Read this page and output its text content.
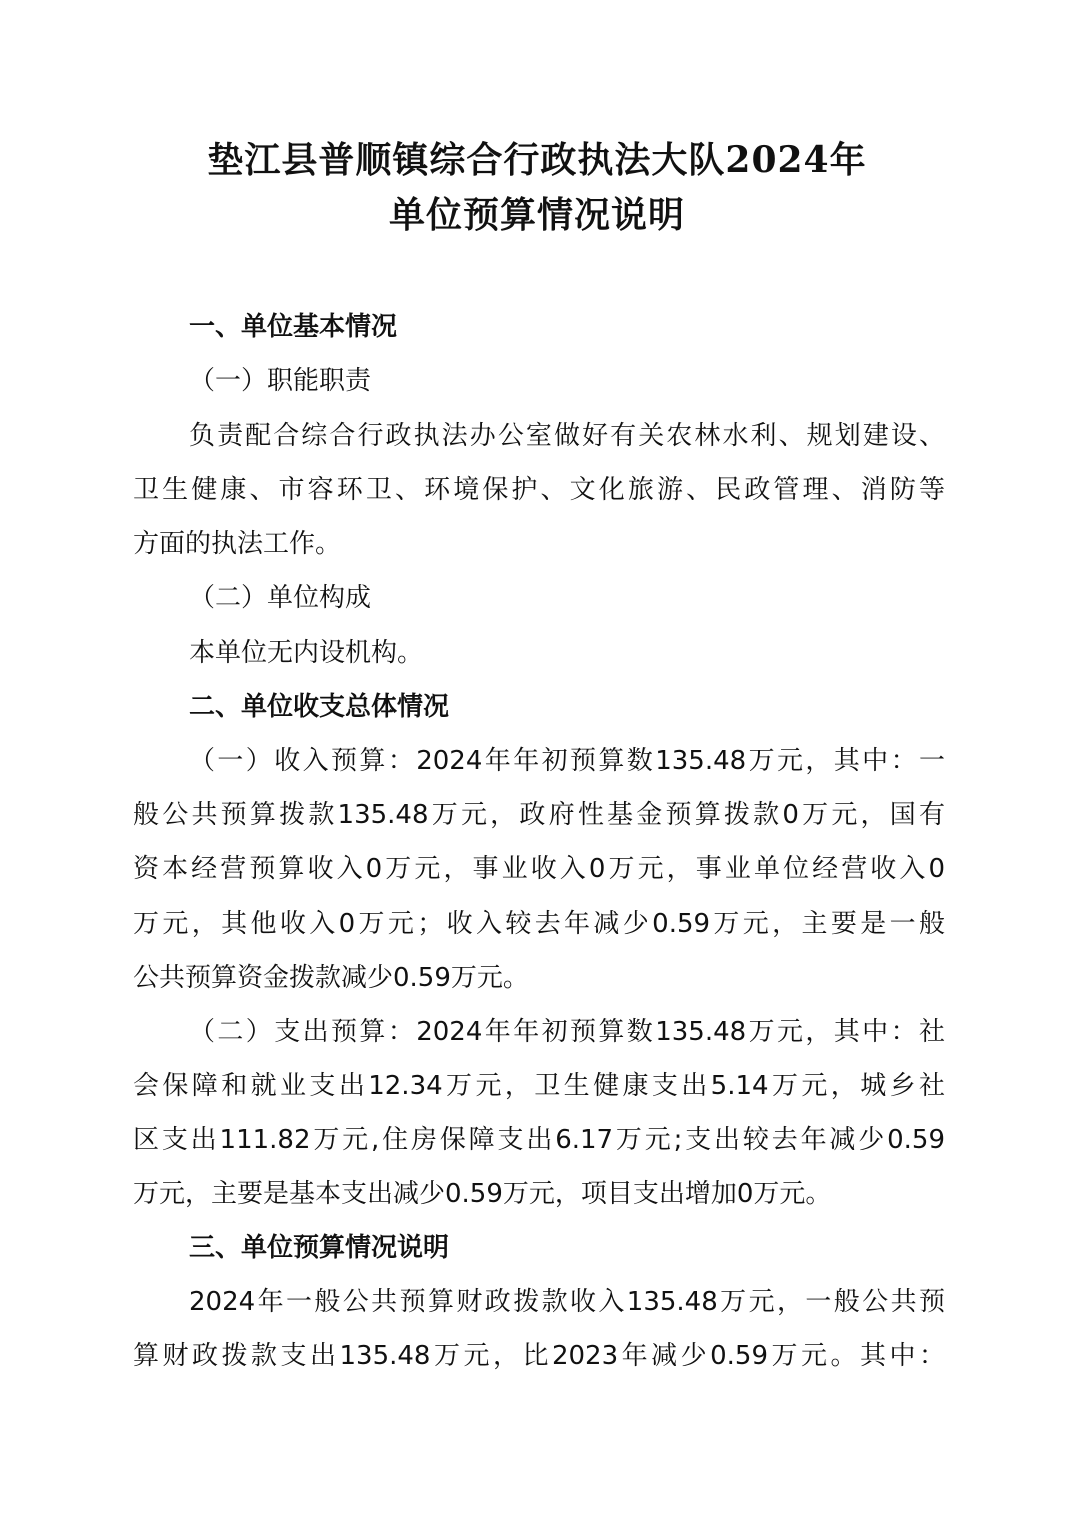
垫江县普顺镇综合行政执法大队2024年
单位预算情况说明
一、单位基本情况
（一）职能职责
负责配合综合行政执法办公室做好有关农林水利、规划建设、
卫生健康、市容环卫、环境保护、文化旅游、民政管理、消防等
方面的执法工作。
（二）单位构成
本单位无内设机构。
二、单位收支总体情况
（一）收入预算：2024年年初预算数135.48万元，其中：一
般公共预算拨款135.48万元，政府性基金预算拨款0万元，国有
资本经营预算收入0万元，事业收入0万元，事业单位经营收入0
万元，其他收入0万元；收入较去年减少0.59万元，主要是一般
公共预算资金拨款减少0.59万元。
（二）支出预算：2024年年初预算数135.48万元，其中：社
会保障和就业支出12.34万元，卫生健康支出5.14万元，城乡社
区支出111.82万元,住房保障支出6.17万元;支出较去年减少0.59
万元，主要是基本支出减少0.59万元，项目支出增加0万元。
三、单位预算情况说明
2024年一般公共预算财政拨款收入135.48万元，一般公共预
算财政拨款支出135.48万元，比2023年减少0.59万元。其中：
